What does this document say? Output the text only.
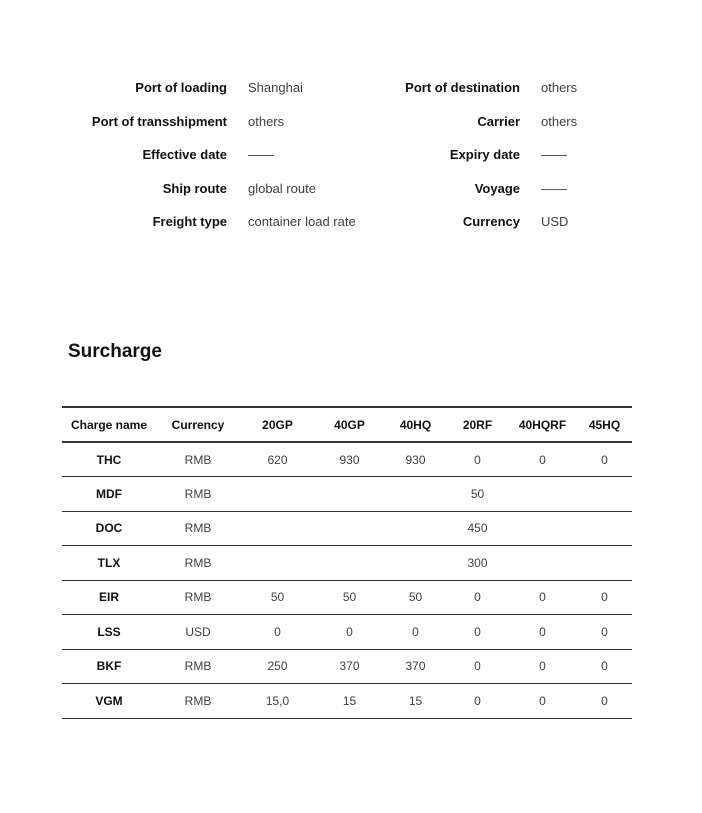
Port of loading	Shanghai	Port of destination	others
Port of transshipment	others	Carrier	others
Effective date	——	Expiry date	——
Ship route	global route	Voyage	——
Freight type	container load rate	Currency	USD
Surcharge
Charge name	Currency	20GP	40GP	40HQ	20RF	40HQRF	45HQ
THC	RMB	620	930	930	0	0	0
MDF	RMB				50		
DOC	RMB				450		
TLX	RMB				300		
EIR	RMB	50	50	50	0	0	0
LSS	USD	0	0	0	0	0	0
BKF	RMB	250	370	370	0	0	0
VGM	RMB	15,0	15	15	0	0	0
